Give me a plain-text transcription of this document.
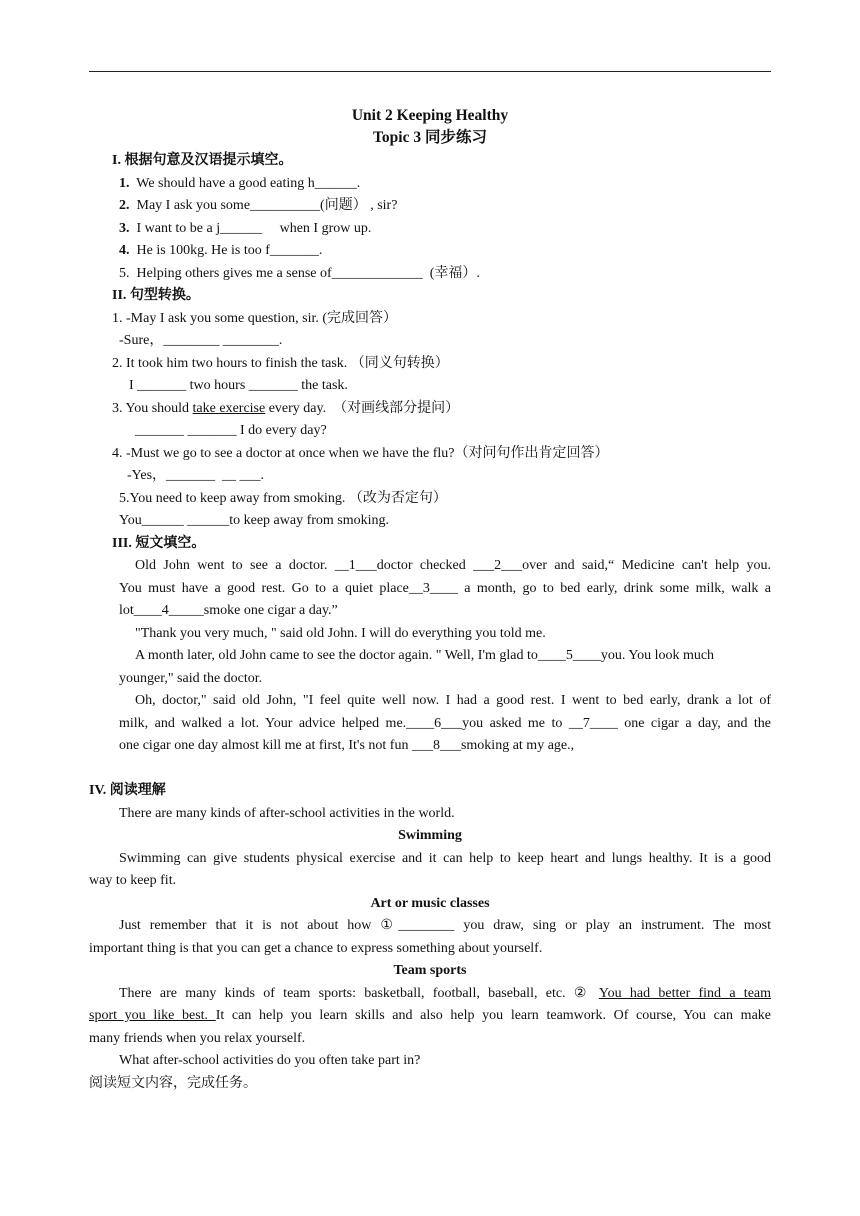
Unit 2 Keeping Healthy
Topic 3 同步练习
I. 根据句意及汉语提示填空。
1. We should have a good eating h______.
2. May I ask you some__________(问题） , sir?
3. I want to be a j______     when I grow up.
4. He is 100kg. He is too f_______.
5. Helping others gives me a sense of_____________  (幸福）.
II. 句型转换。
1. -May I ask you some question, sir. (完成回答）
-Sure，________ ________.
2. It took him two hours to finish the task. （同义句转换）
I _______ two hours _______ the task.
3. You should take exercise every day.  （对画线部分提问）
_______ _______ I do every day?
4. -Must we go to see a doctor at once when we have the flu?（对问句作出肯定回答）
-Yes，_______  __ ___.
5.You need to keep away from smoking. （改为否定句）
You______ ______to keep away from smoking.
III. 短文填空。
Old John went to see a doctor. __1___doctor checked ___2___over and said,“ Medicine can't help you.
You must have a good rest. Go to a quiet place__3____ a month, go to bed early, drink some milk, walk a
lot____4_____smoke one cigar a day.”
"Thank you very much, " said old John. I will do everything you told me.
A month later, old John came to see the doctor again. " Well, I'm glad to____5____you. You look much
younger," said the doctor.
Oh, doctor," said old John, "I feel quite well now. I had a good rest. I went to bed early, drank a lot of
milk, and walked a lot. Your advice helped me.____6___you asked me to __7____ one cigar a day, and the
one cigar one day almost kill me at first, It's not fun ___8___smoking at my age.,
IV. 阅读理解
There are many kinds of after-school activities in the world.
Swimming
Swimming can give students physical exercise and it can help to keep heart and lungs healthy. It is a good
way to keep fit.
Art or music classes
Just remember that it is not about how ①________ you draw, sing or play an instrument. The most
important thing is that you can get a chance to express something about yourself.
Team sports
There are many kinds of team sports: basketball, football, baseball, etc. ② You had better find a team
sport you like best. It can help you learn skills and also help you learn teamwork. Of course, You can make
many friends when you relax yourself.
What after-school activities do you often take part in?
阅读短文内容，完成任务。
